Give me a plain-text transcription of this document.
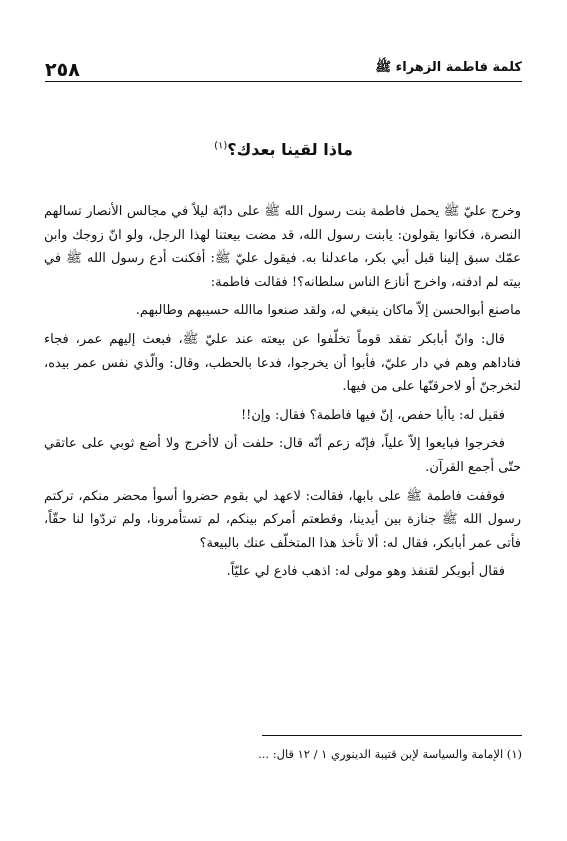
كلمة فاطمة الزهراء ﷺ
٢٥٨
ماذا لقينا بعدك؟$^{(١)}$

وخرج عليّ ﷺ يحمل فاطمة بنت رسول الله ﷺ على دابّة ليلاً في مجالس الأنصار تسالهم النصرة، فكانوا يقولون: يابنت رسول الله، قد مضت بيعتنا لهذا الرجل، ولو انّ زوجك وابن عمّك سبق إلينا قبل أبي بكر، ماعدلنا به. فيقول عليّ ﷺ: أفكنت أدع رسول الله ﷺ في بيته لم ادفنه، واخرج أنازع الناس سلطانه؟! فقالت فاطمة:

ماصنع أبوالحسن إلاّ ماكان ينبغي له، ولقد صنعوا ماالله حسيبهم وطالبهم.

قال: وانّ أبابكر تفقد قوماً تخلّفوا عن بيعته عند عليّ ﷺ، فبعث إليهم عمر، فجاء فناداهم وهم في دار عليّ، فأبوا أن يخرجوا، فدعا بالحطب، وقال: والّذي نفس عمر بيده، لتخرجنّ أو لاحرقنّها على من فيها.

فقيل له: ياأبا حفص، إنّ فيها فاطمة؟ فقال: وإن!!

فخرجوا فبايعوا إلاّ علياً، فإنّه زعم أنّه قال: حلفت أن لاأخرج ولا أضع ثوبي على عاتقي حتّى أجمع القرآن.

فوقفت فاطمة ﷺ على بابها، فقالت: لاعهد لي بقوم حضروا أسوأ محضر منكم، تركتم رسول الله ﷺ جنازة بين أيدينا، وقطعتم أمركم بينكم، لم تستأمرونا، ولم تردّوا لنا حقّاً، فأتى عمر أبابكر، فقال له: ألا تأخذ هذا المتخلّف عنك بالبيعة؟

فقال أبوبكر لقنفذ وهو مولى له: اذهب فادع لي عليّاً.

(١) الإمامة والسياسة لإبن قتيبة الدينوري ١ / ١٢ قال: ...
